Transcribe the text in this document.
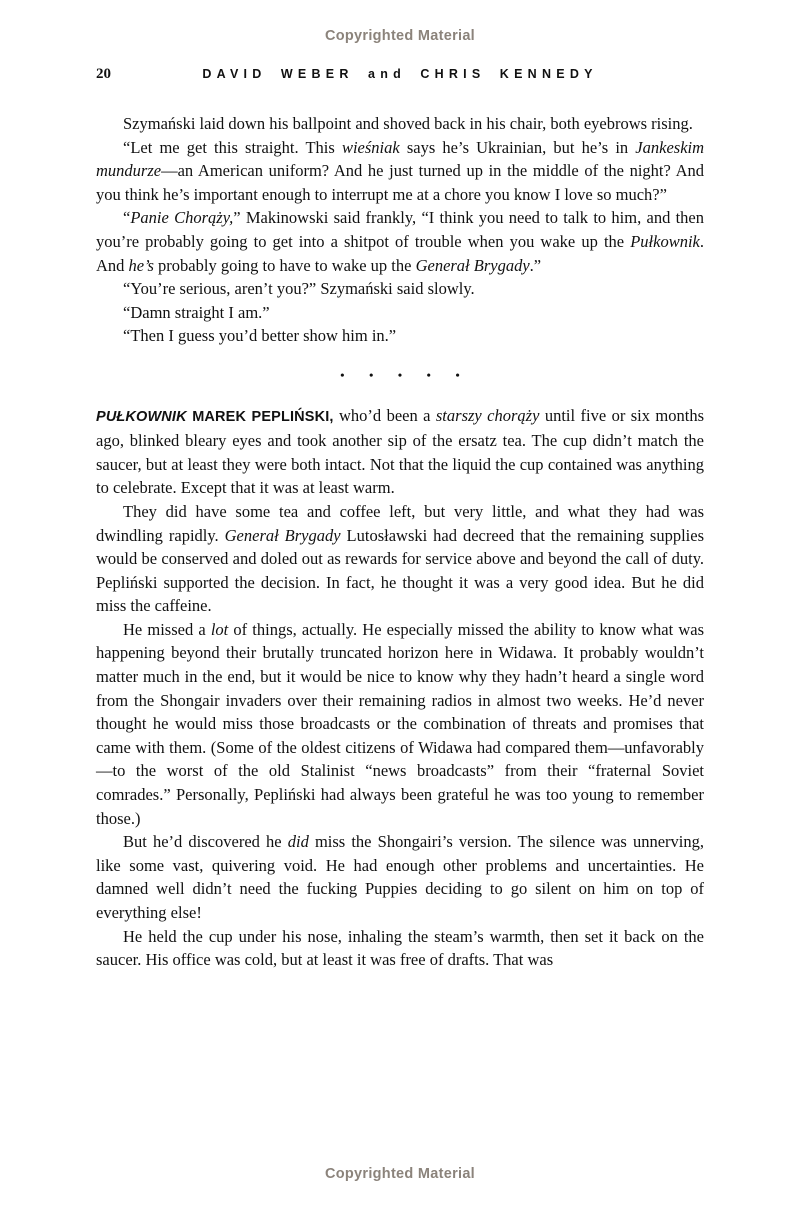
Copyrighted Material
20	DAVID WEBER and CHRIS KENNEDY

Szymański laid down his ballpoint and shoved back in his chair, both eyebrows rising.

“Let me get this straight. This wieśniak says he’s Ukrainian, but he’s in Jankeskim mundurze—an American uniform? And he just turned up in the middle of the night? And you think he’s important enough to interrupt me at a chore you know I love so much?”

“Panie Chorąży,” Makinowski said frankly, “I think you need to talk to him, and then you’re probably going to get into a shitpot of trouble when you wake up the Pułkownik. And he’s probably going to have to wake up the Generał Brygady.”

“You’re serious, aren’t you?” Szymański said slowly.

“Damn straight I am.”

“Then I guess you’d better show him in.”

• • • • •

PUŁKOWNIK MAREK PEPLIŃSKI, who’d been a starszy chorąży until five or six months ago, blinked bleary eyes and took another sip of the ersatz tea. The cup didn’t match the saucer, but at least they were both intact. Not that the liquid the cup contained was anything to celebrate. Except that it was at least warm.

They did have some tea and coffee left, but very little, and what they had was dwindling rapidly. Generał Brygady Lutosławski had decreed that the remaining supplies would be conserved and doled out as rewards for service above and beyond the call of duty. Pepliński supported the decision. In fact, he thought it was a very good idea. But he did miss the caffeine.

He missed a lot of things, actually. He especially missed the ability to know what was happening beyond their brutally truncated horizon here in Widawa. It probably wouldn’t matter much in the end, but it would be nice to know why they hadn’t heard a single word from the Shongair invaders over their remaining radios in almost two weeks. He’d never thought he would miss those broadcasts or the combination of threats and promises that came with them. (Some of the oldest citizens of Widawa had compared them—unfavorably—to the worst of the old Stalinist “news broadcasts” from their “fraternal Soviet comrades.” Personally, Pepliński had always been grateful he was too young to remember those.)

But he’d discovered he did miss the Shongairi’s version. The silence was unnerving, like some vast, quivering void. He had enough other problems and uncertainties. He damned well didn’t need the fucking Puppies deciding to go silent on him on top of everything else!

He held the cup under his nose, inhaling the steam’s warmth, then set it back on the saucer. His office was cold, but at least it was free of drafts. That was

Copyrighted Material
